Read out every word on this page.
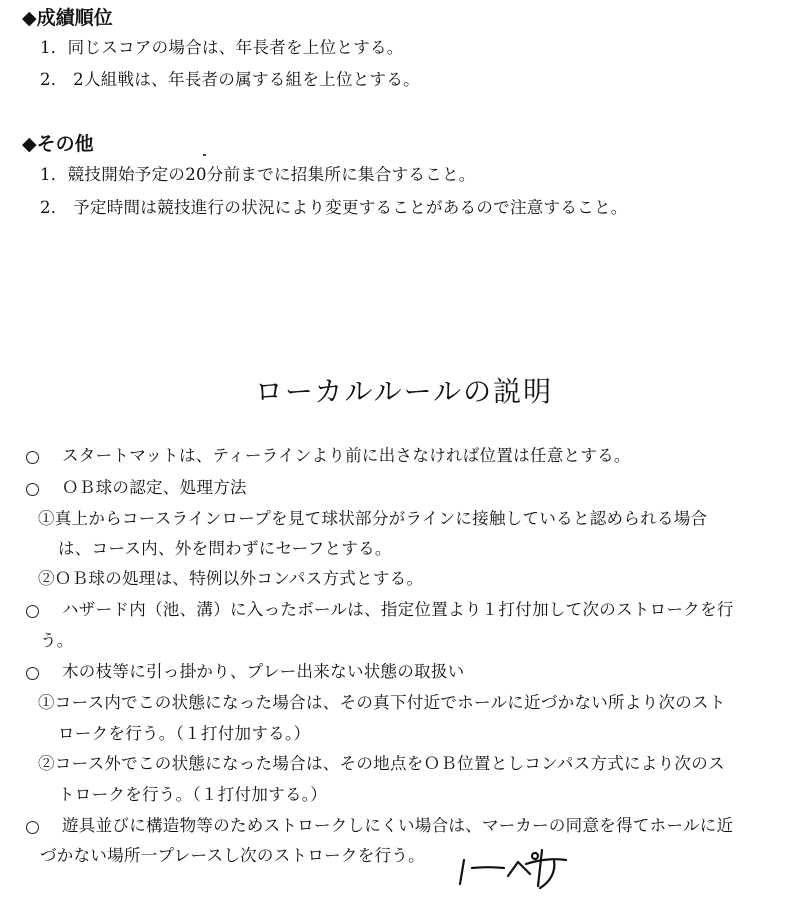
◆成績順位
1．同じスコアの場合は、年長者を上位とする。
2． 2人組戦は、年長者の属する組を上位とする。
◆その他
1．競技開始予定の20分前までに招集所に集合すること。
2． 予定時間は競技進行の状況により変更することがあるので注意すること。
ローカルルールの説明
スタートマットは、ティーラインより前に出さなければ位置は任意とする。
ＯＢ球の認定、処理方法
①真上からコースラインロープを見て球状部分がラインに接触していると認められる場合
は、コース内、外を問わずにセーフとする。
②ＯＢ球の処理は、特例以外コンパス方式とする。
ハザード内（池、溝）に入ったボールは、指定位置より１打付加して次のストロークを行
う。
木の枝等に引っ掛かり、プレー出来ない状態の取扱い
①コース内でこの状態になった場合は、その真下付近でホールに近づかない所より次のスト
ロークを行う。（１打付加する。）
②コース外でこの状態になった場合は、その地点をＯＢ位置としコンパス方式により次のス
トロークを行う。（１打付加する。）
遊具並びに構造物等のためストロークしにくい場合は、マーカーの同意を得てホールに近
づかない場所一プレースし次のストロークを行う。
